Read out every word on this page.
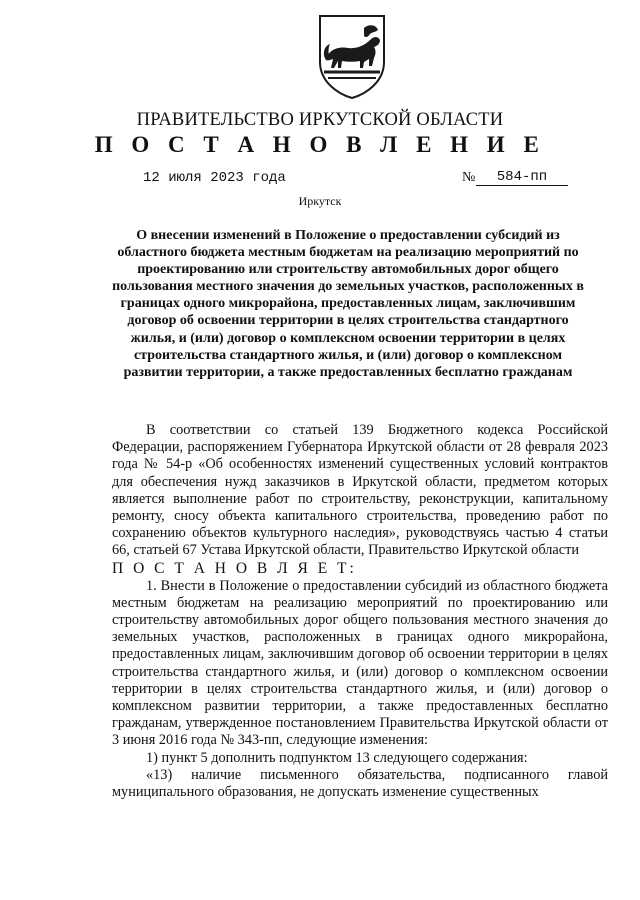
ПРАВИТЕЛЬСТВО ИРКУТСКОЙ ОБЛАСТИ
П О С Т А Н О В Л Е Н И Е
12 июля 2023 года	№	584-пп
Иркутск
О внесении изменений в Положение о предоставлении субсидий из областного бюджета местным бюджетам на реализацию мероприятий по проектированию или строительству автомобильных дорог общего пользования местного значения до земельных участков, расположенных в границах одного микрорайона, предоставленных лицам, заключившим договор об освоении территории в целях строительства стандартного жилья, и (или) договор о комплексном освоении территории в целях строительства стандартного жилья, и (или) договор о комплексном развитии территории, а также предоставленных бесплатно гражданам

В соответствии со статьей 139 Бюджетного кодекса Российской Федерации, распоряжением Губернатора Иркутской области от 28 февраля 2023 года № 54-р «Об особенностях изменений существенных условий контрактов для обеспечения нужд заказчиков в Иркутской области, предметом которых является выполнение работ по строительству, реконструкции, капитальному ремонту, сносу объекта капитального строительства, проведению работ по сохранению объектов культурного наследия», руководствуясь частью 4 статьи 66, статьей 67 Устава Иркутской области, Правительство Иркутской области

П О С Т А Н О В Л Я Е Т:

1. Внести в Положение о предоставлении субсидий из областного бюджета местным бюджетам на реализацию мероприятий по проектированию или строительству автомобильных дорог общего пользования местного значения до земельных участков, расположенных в границах одного микрорайона, предоставленных лицам, заключившим договор об освоении территории в целях строительства стандартного жилья, и (или) договор о комплексном освоении территории в целях строительства стандартного жилья, и (или) договор о комплексном развитии территории, а также предоставленных бесплатно гражданам, утвержденное постановлением Правительства Иркутской области от 3 июня 2016 года № 343-пп, следующие изменения:

1) пункт 5 дополнить подпунктом 13 следующего содержания:

«13) наличие письменного обязательства, подписанного главой муниципального образования, не допускать изменение существенных
